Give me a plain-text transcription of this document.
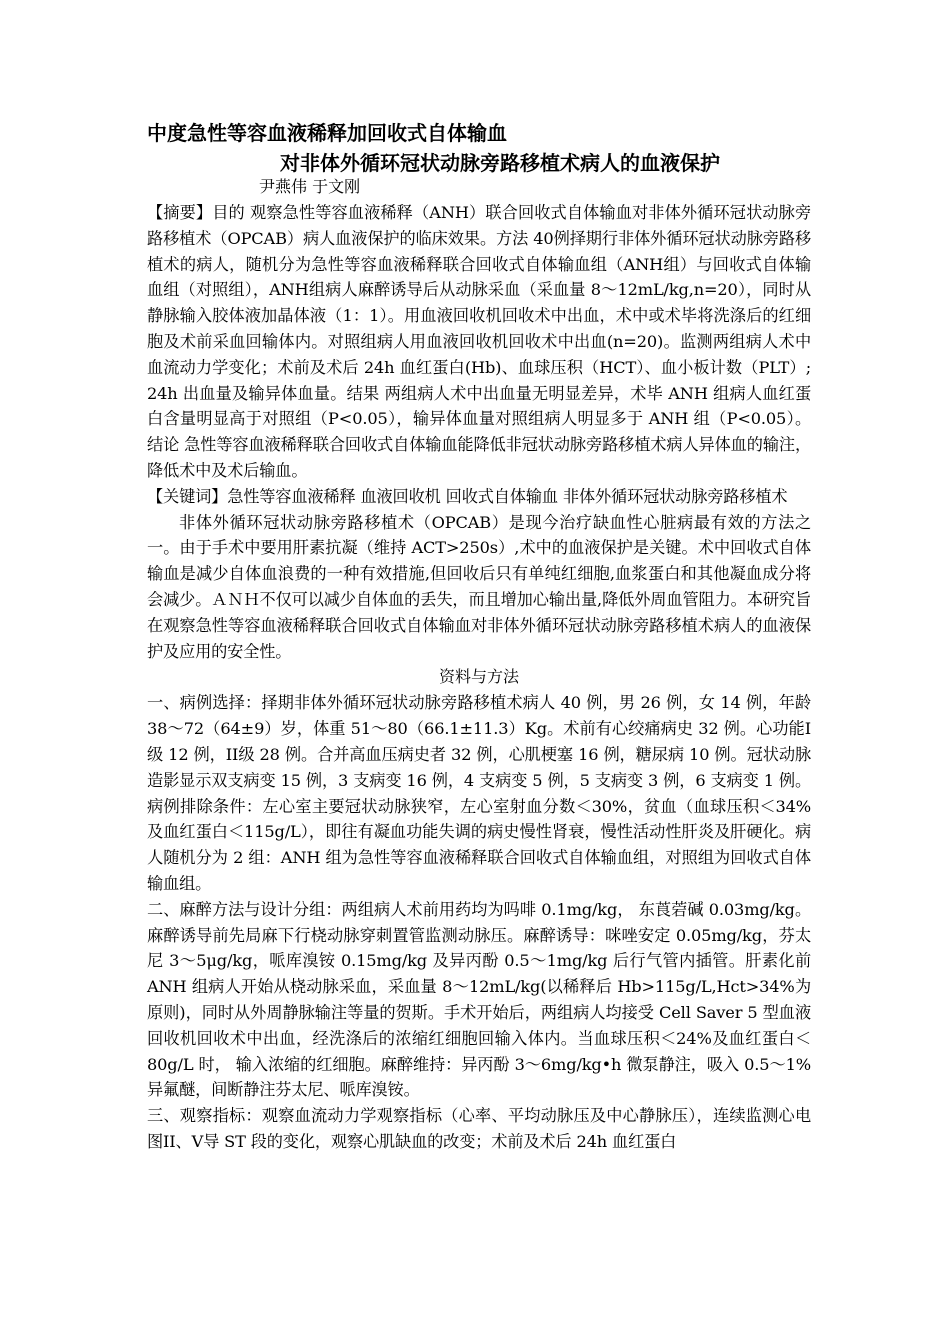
中度急性等容血液稀释加回收式自体输血
对非体外循环冠状动脉旁路移植术病人的血液保护
尹燕伟 于文刚

【摘要】目的 观察急性等容血液稀释（ANH）联合回收式自体输血对非体外循环冠状动脉旁路移植术（OPCAB）病人血液保护的临床效果。方法 40例择期行非体外循环冠状动脉旁路移植术的病人，随机分为急性等容血液稀释联合回收式自体输血组（ANH组）与回收式自体输血组（对照组），ANH组病人麻醉诱导后从动脉采血（采血量 8～12mL/kg,n=20），同时从静脉输入胶体液加晶体液（1：1）。用血液回收机回收术中出血，术中或术毕将洗涤后的红细胞及术前采血回输体内。对照组病人用血液回收机回收术中出血(n=20)。监测两组病人术中血流动力学变化；术前及术后 24h 血红蛋白(Hb)、血球压积（HCT）、血小板计数（PLT）; 24h 出血量及输异体血量。结果 两组病人术中出血量无明显差异，术毕 ANH 组病人血红蛋白含量明显高于对照组（P<0.05），输异体血量对照组病人明显多于 ANH 组（P<0.05）。结论 急性等容血液稀释联合回收式自体输血能降低非冠状动脉旁路移植术病人异体血的输注，降低术中及术后输血。

【关键词】急性等容血液稀释 血液回收机 回收式自体输血 非体外循环冠状动脉旁路移植术

非体外循环冠状动脉旁路移植术（OPCAB）是现今治疗缺血性心脏病最有效的方法之一。由于手术中要用肝素抗凝（维持 ACT>250s）,术中的血液保护是关键。术中回收式自体输血是减少自体血浪费的一种有效措施,但回收后只有单纯红细胞,血浆蛋白和其他凝血成分将会减少。ＡＮＨ不仅可以减少自体血的丢失，而且增加心输出量,降低外周血管阻力。本研究旨在观察急性等容血液稀释联合回收式自体输血对非体外循环冠状动脉旁路移植术病人的血液保护及应用的安全性。

资料与方法

一、病例选择：择期非体外循环冠状动脉旁路移植术病人 40 例，男 26 例，女 14 例，年龄 38～72（64±9）岁，体重 51～80（66.1±11.3）Kg。术前有心绞痛病史 32 例。心功能I级 12 例，II级 28 例。合并高血压病史者 32 例，心肌梗塞 16 例，糖尿病 10 例。冠状动脉造影显示双支病变 15 例，3 支病变 16 例，4 支病变 5 例，5 支病变 3 例，6 支病变 1 例。病例排除条件：左心室主要冠状动脉狭窄，左心室射血分数＜30%，贫血（血球压积＜34%及血红蛋白＜115g/L），即往有凝血功能失调的病史慢性肾衰，慢性活动性肝炎及肝硬化。病人随机分为 2 组：ANH 组为急性等容血液稀释联合回收式自体输血组，对照组为回收式自体输血组。

二、麻醉方法与设计分组：两组病人术前用药均为吗啡 0.1mg/kg， 东莨菪碱 0.03mg/kg。麻醉诱导前先局麻下行桡动脉穿刺置管监测动脉压。麻醉诱导：咪唑安定 0.05mg/kg，芬太尼 3～5μg/kg，哌库溴铵 0.15mg/kg 及异丙酚 0.5～1mg/kg 后行气管内插管。肝素化前 ANH 组病人开始从桡动脉采血，采血量 8～12mL/kg(以稀释后 Hb>115g/L,Hct>34%为原则)，同时从外周静脉输注等量的贺斯。手术开始后，两组病人均接受 Cell Saver 5 型血液回收机回收术中出血，经洗涤后的浓缩红细胞回输入体内。当血球压积＜24%及血红蛋白＜80g/L 时， 输入浓缩的红细胞。麻醉维持：异丙酚 3～6mg/kg•h 微泵静注，吸入 0.5～1%异氟醚，间断静注芬太尼、哌库溴铵。

三、观察指标：观察血流动力学观察指标（心率、平均动脉压及中心静脉压），连续监测心电图II、V导 ST 段的变化，观察心肌缺血的改变；术前及术后 24h 血红蛋白
